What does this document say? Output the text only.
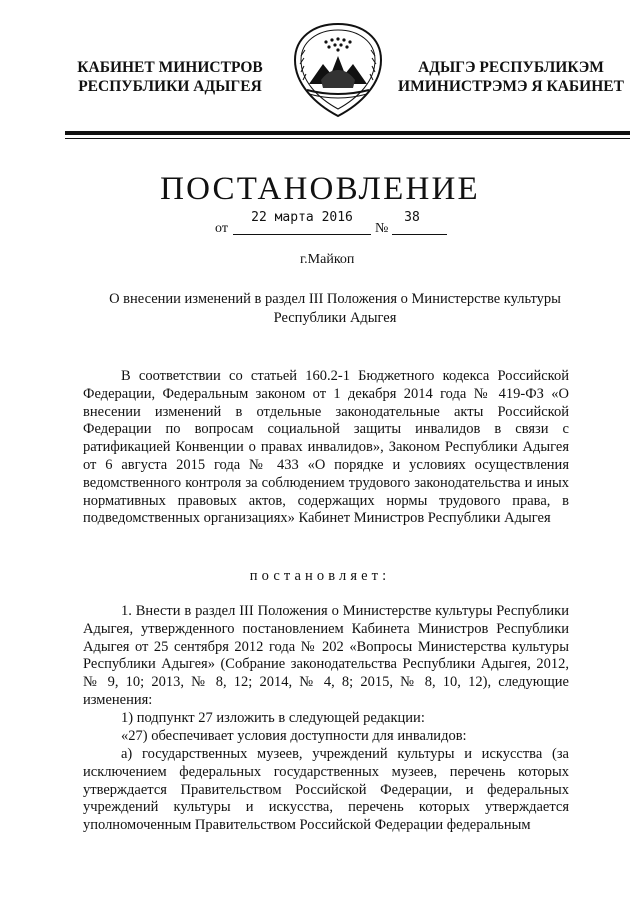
КАБИНЕТ МИНИСТРОВ
РЕСПУБЛИКИ АДЫГЕЯ
АДЫГЭ РЕСПУБЛИКЭМ
ИМИНИСТРЭМЭ Я КАБИНЕТ
ПОСТАНОВЛЕНИЕ
от
22 марта 2016
№
38
г.Майкоп
О внесении изменений в раздел III Положения о Министерстве культуры
Республики Адыгея

В соответствии со статьей 160.2-1 Бюджетного кодекса Российской Федерации, Федеральным законом от 1 декабря 2014 года № 419-ФЗ «О внесении изменений в отдельные законодательные акты Российской Федерации по вопросам социальной защиты инвалидов в связи с ратификацией Конвенции о правах инвалидов», Законом Республики Адыгея от 6 августа 2015 года № 433 «О порядке и условиях осуществления ведомственного контроля за соблюдением трудового законодательства и иных нормативных правовых актов, содержащих нормы трудового права, в подведомственных организациях» Кабинет Министров Республики Адыгея

постановляет:

1. Внести в раздел III Положения о Министерстве культуры Республики Адыгея, утвержденного постановлением Кабинета Министров Республики Адыгея от 25 сентября 2012 года № 202 «Вопросы Министерства культуры Республики Адыгея» (Собрание законодательства Республики Адыгея, 2012, № 9, 10; 2013, № 8, 12; 2014, № 4, 8; 2015, № 8, 10, 12), следующие изменения:

1) подпункт 27 изложить в следующей редакции:

«27) обеспечивает условия доступности для инвалидов:

а) государственных музеев, учреждений культуры и искусства (за исключением федеральных государственных музеев, перечень которых утверждается Правительством Российской Федерации, и федеральных учреждений культуры и искусства, перечень которых утверждается уполномоченным Правительством Российской Федерации федеральным
